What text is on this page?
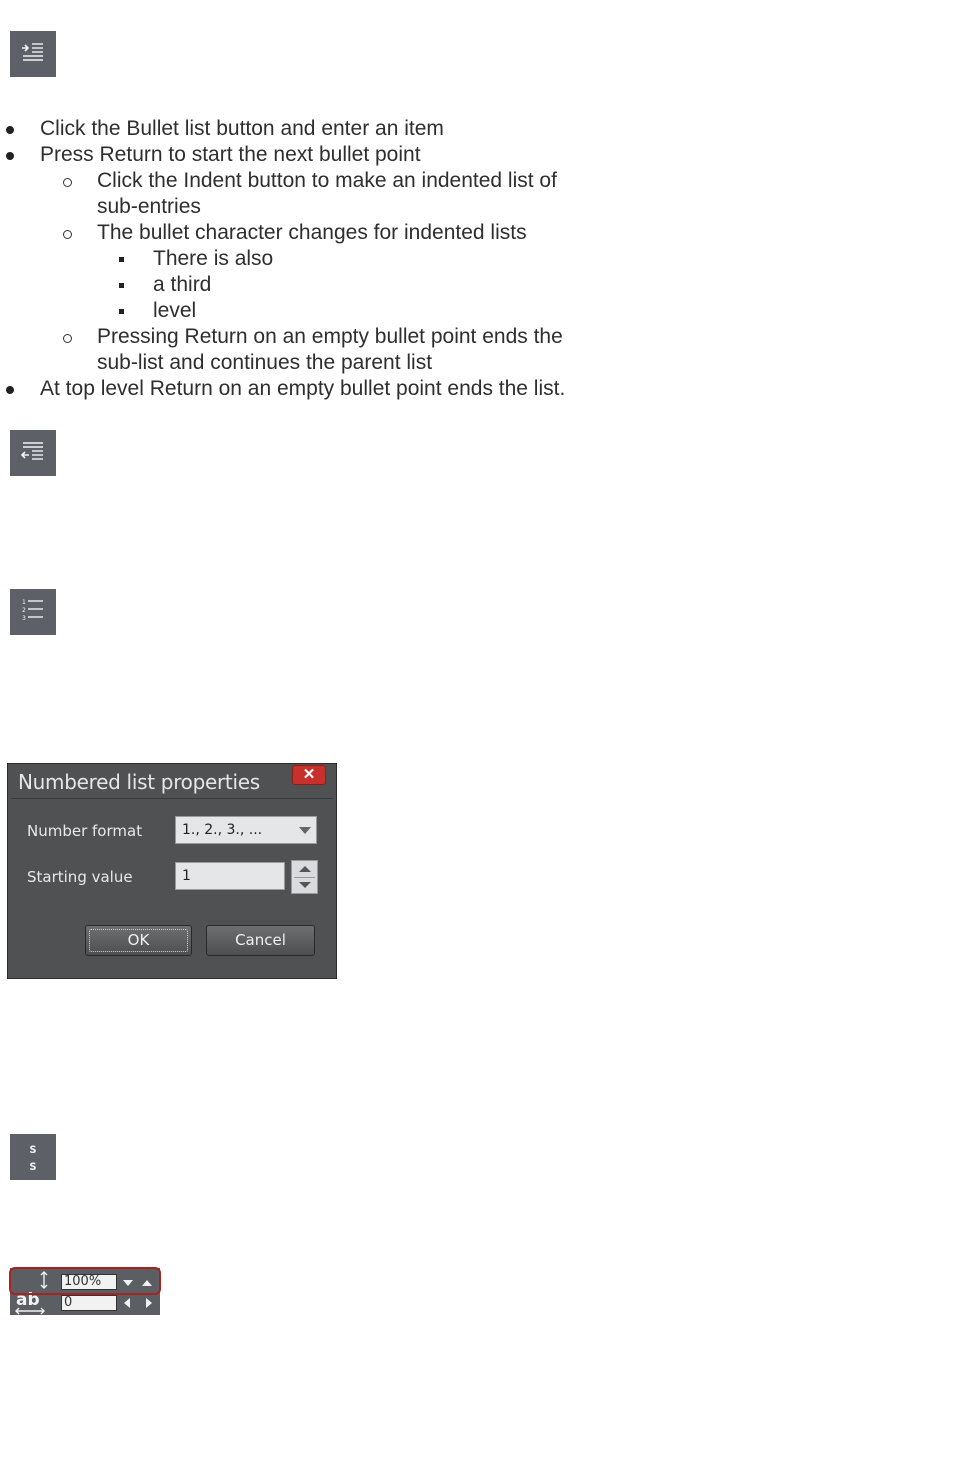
Click the Bullet list button and enter an item
Press Return to start the next bullet point
Click the Indent button to make an indented list of sub-entries
The bullet character changes for indented lists
There is also
a third
level
Pressing Return on an empty bullet point ends the sub-list and continues the parent list
At top level Return on an empty bullet point ends the list.
1
2
3
Numbered list properties	✕
Number format	1., 2., 3., ...
Starting value	1
OK	Cancel
s
s
ab
100%
0
